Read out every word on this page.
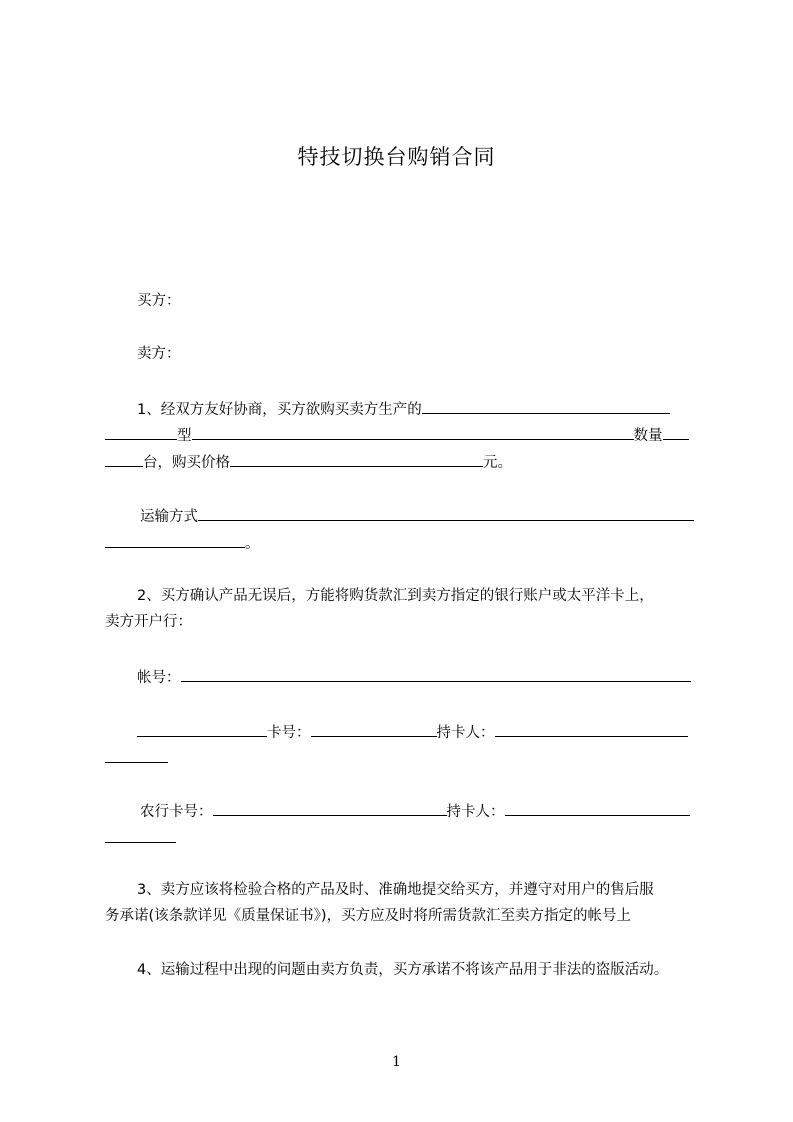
特技切换台购销合同
买方：
卖方：
1、经双方友好协商，买方欲购买卖方生产的
型	数量
台，购买价格	元。
运输方式
。
2、买方确认产品无误后，方能将购货款汇到卖方指定的银行账户或太平洋卡上，
卖方开户行：
帐号：
卡号：	持卡人：
农行卡号：	持卡人：
3、卖方应该将检验合格的产品及时、准确地提交给买方，并遵守对用户的售后服
务承诺(该条款详见《质量保证书》)，买方应及时将所需货款汇至卖方指定的帐号上
4、运输过程中出现的问题由卖方负责，买方承诺不将该产品用于非法的盗版活动。
1
